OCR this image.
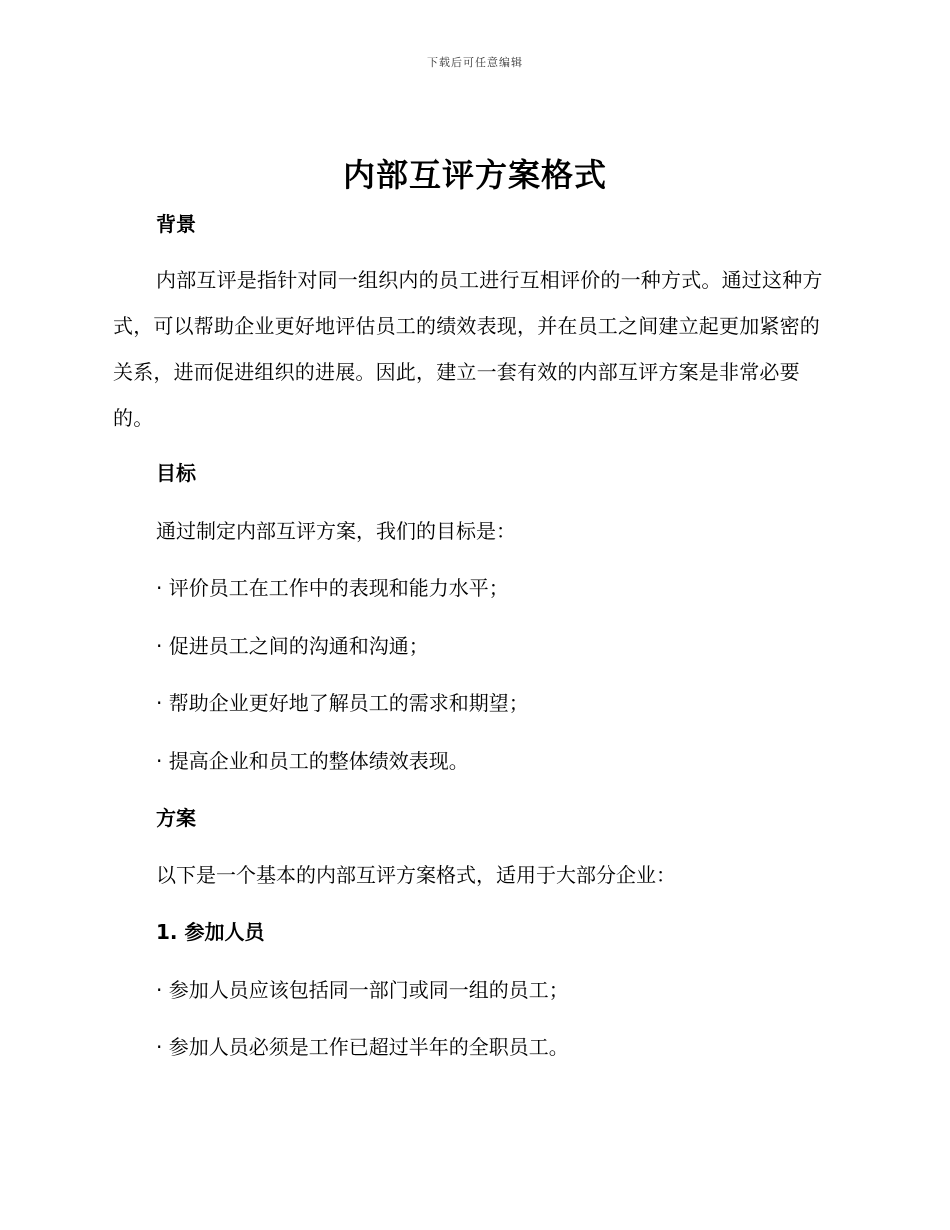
下载后可任意编辑
内部互评方案格式
背景

内部互评是指针对同一组织内的员工进行互相评价的一种方式。通过这种方式，可以帮助企业更好地评估员工的绩效表现，并在员工之间建立起更加紧密的关系，进而促进组织的进展。因此，建立一套有效的内部互评方案是非常必要的。

目标

通过制定内部互评方案，我们的目标是：

· 评价员工在工作中的表现和能力水平；

· 促进员工之间的沟通和沟通；

· 帮助企业更好地了解员工的需求和期望；

· 提高企业和员工的整体绩效表现。

方案

以下是一个基本的内部互评方案格式，适用于大部分企业：

1. 参加人员

· 参加人员应该包括同一部门或同一组的员工；

· 参加人员必须是工作已超过半年的全职员工。
